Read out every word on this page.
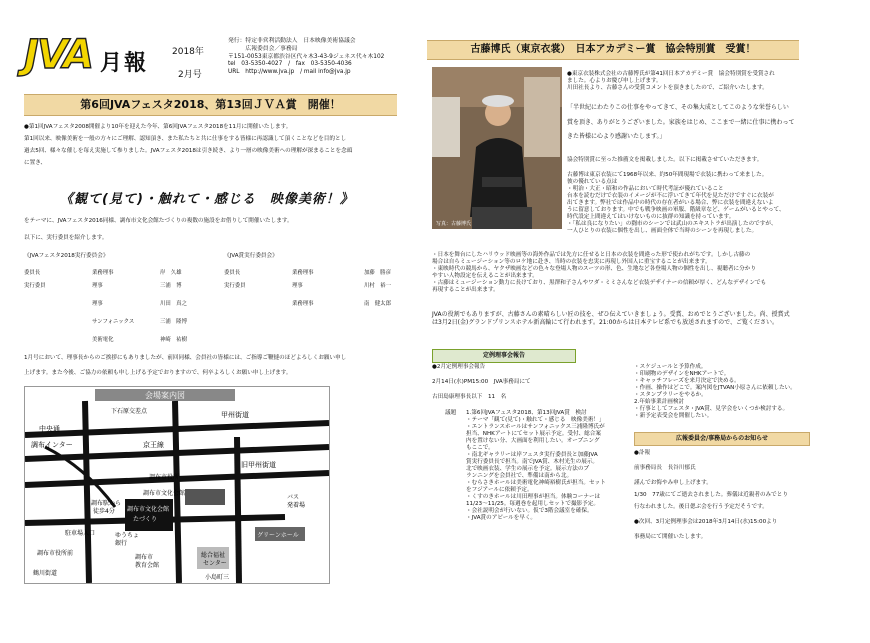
JVA 月報	2018年
2月号
発行：特定非営利活動法人　日本映像美術協議会
　　　広報委員会／事務局
〒151-0053東京都渋谷区代々木3-43-9ジェネス代々木102
tel　03-5350-4027　/　fax　03-5350-4036
URL　http://www.jva.jp　/ mail info@jva.jp
第6回JVAフェスタ2018、第13回ＪＶＡ賞　開催！
●第1回JVAフェスタ2008開催より10年を迎えた今年、第6回JVAフェスタ2018を11月に開催いたします。
第1回以来、映像美術を一般の方々にご理解、認知頂き、また私たちと共に仕事をする皆様に再認識して頂くことなどを目的とし
過去5回、様々な催しを毎え実施して参りました。JVAフェスタ2018は引き続き、より一層の映像美術への理解が深まることを念頭
に置き、
《観て(見て)・触れて・感じる　映像美術！》
をテーマに、JVAフェスタ2016同様、調布市文化会館たづくりの複数の施設をお借りして開催いたします。
以下に、実行委員を紹介します。
《JVAフェスタ2018実行委員会》	《JVA賞実行委員会》
委員長	業務理事	岸　久雄	委員長	業務理事	加藤　勝彦
実行委員	理事	三浦　博	実行委員	理事	川村　裕一
	理事	川田　真之		業務理事	南　健太郎
	サンフォニックス	三浦　隆博			
	美術電化	神崎　祐樹			
1月号において、理事長からのご挨拶にもありましたが、前回同様、会員社の皆様には、ご指導ご鞭撻のほどよろしくお願い申し
上げます。また今後、ご協力の依頼も申し上げる予定でおりますので、何卒よろしくお願い申し上げます。
会場案内図
中央通
調布インター
下石原交差点	甲州街道
京王線
旧甲州街道
調布市役所
調布市文化会館
調布駅から
徒歩4分
バス
発着場
駐車場入口
調布市役所前
グリーンホール
総合福祉
センター
調布市
教育会館
小島町三
鶴川街道
ゆうちょ
銀行
調布市文化会館
たづくり
古藤博氏（東京衣裳）　日本アカデミー賞　協会特別賞　受賞！
写真：古藤博氏
●東京衣装株式会社の古藤博氏が第41回日本アカデミー賞　協会特別賞を受賞され
ました。心よりお慶び申し上げます。
川田社長より、古藤さんの受賞コメントを頂きましたので、ご紹介いたします。
「半世紀にわたりこの仕事をやってきて、その集大成としてこのような栄誉らしい
賞を頂き、ありがとうございました。家族をはじめ、ここまで一緒に仕事に携わって
きた皆様に心より感謝いたします。」
協会特別賞に至った推薦文を掲載しました。以下に掲載させていただきます。
古藤博は東京衣装にて1968年以来、約50年間現場で衣装に携わって来ました。
彼の優れている点は
・明治・大正・昭和の作品において時代考証が優れていること
台本を読むだけで衣装のイメージが不に浮いてきて年代を見ただけですぐに衣装が
出てきます。弊社では作品中の時代の存在者がいる場合、弊に衣装を間違えないよ
うに留意しております。中でも戦争映画の軍服、階級章など、ゲームがいるとやって、
時代設定上間違えてはいけないものに抜群の知識を持っています。
・「私は良になりたい」の闘市のシーンでは武山のエキストラが出演したのですが、
一人ひとりの衣装に個性を出し、画面全体で当時のシーンを再現しました。
・日本を舞台にしたハリウッド映画等の海外作品では先方に任せると日本の衣装を間違った形で使われがちです。しかし古藤の
場合は自らミュージーション等のロケ地に赴き、当時の衣装を忠実に再現し外国人に重宝することが出来ます。
・東映時代の競馬から、ヤクザ映画などの色々な登場人物のスーツの形、色、生地など各登場人物の個性を出し、視聴者に分かり
やすい人物設定を伝えることが出来ます。
・古藤はミュージーション動力に長けており、黒澤和子さんやワダ・ミミさんなど衣装デザイナーの信頼が厚く、どんなデザインでも
再現することが出来ます。
JVAの役割でもありますが、古藤さんの素晴らしい匠の技を、ぜひ伝えていきましょう。受賞、おめでとうございました。尚、授賞式
は3月2日(金)グランドプリンスホテル新高輪にて行われます。21:00からは日本テレビ系でも放送されますので、ご覧ください。
定例理事会報告
●2月定例理事会報告
2月14日(水)PM15:00　JVA事務局にて
古田島康理事長以下　11　名
議題 1.第6回JVAフェスタ2018、第13回JVA賞　検討
・テーマ「観て(見て)・触れて・感じる　映像美術！」
・エントランスホールはサンフォニックス三浦隆博氏が
担当、NHKアートにてセット展示予定。受付、総合案
内を置けない分、大画面を利用したい。オープニング
もここで。
・南北ギャラリーは岸フェスタ実行委員長と加藤JVA
賞実行委員長で担当。南でJVA賞、木村光生の展示。
北で映画衣装、学生の展示を予定。展示方法のプ
ランニングを会員社で、準備は南から北。
・むらさきホールは美術電化神崎裕樹氏が担当。セット
をフジアールに依頼予定。
・くすのきホールは川田理事が担当。体験コーナーは
11/23～11/25。毎週巻を起用しセットで撮影予定。
・会社説明会が行いない。仮で3階会議室を確保。
・JVA賞のアピールを早く。
・スケジュールと予算作成。
・印刷物のデザインをNHKアートで。
・キャッチフレーズを来月決定で決める。
・作画、操作はどこで。案内図をJTVAN小原さんに依頼したい。
・スタンプラリーをやるか。
2.年始事業計画検討
・行事としてフェスタ・JVA賞、見学会をいくつか検討する。
・新予定表受会を開催したい。
広報委員会/事務局からのお知らせ
●訃報
前事務局長　長谷川郁氏
謹んでお悔やみ申し上げます。
1/30　77歳にてご逝去されました。葬儀は近親者のみでとり
行なわれました。後日偲ぶ会を行う予定だそうです。
●次回、3月定例理事会は2018年3月14日(水)15:00より
事務局にて開催いたします。
